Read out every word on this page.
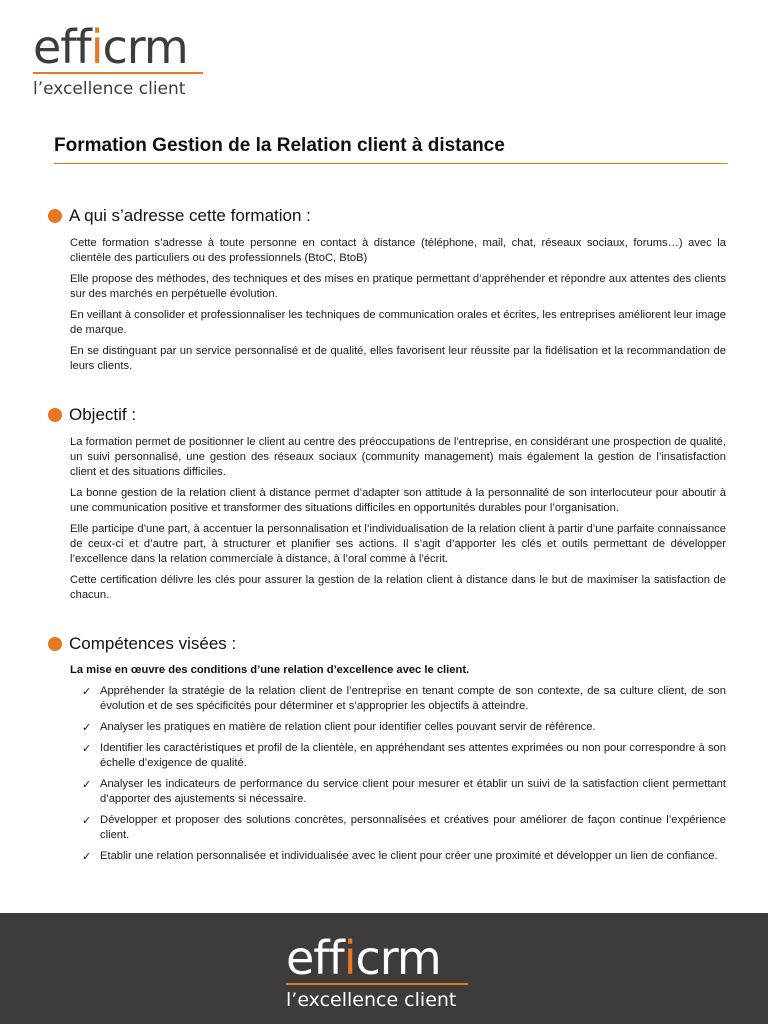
efficrm
l’excellence client
Formation Gestion de la Relation client à distance
A qui s’adresse cette formation :

Cette formation s’adresse à toute personne en contact à distance (téléphone, mail, chat, réseaux sociaux, forums…) avec la clientèle des particuliers ou des professionnels (BtoC, BtoB)

Elle propose des méthodes, des techniques et des mises en pratique permettant d’appréhender et répondre aux attentes des clients sur des marchés en perpétuelle évolution.

En veillant à consolider et professionnaliser les techniques de communication orales et écrites, les entreprises améliorent leur image de marque.

En se distinguant par un service personnalisé et de qualité, elles favorisent leur réussite par la fidélisation et la recommandation de leurs clients.

Objectif :

La formation permet de positionner le client au centre des préoccupations de l’entreprise, en considérant une prospection de qualité, un suivi personnalisé, une gestion des réseaux sociaux (community management) mais également la gestion de l’insatisfaction client et des situations difficiles.

La bonne gestion de la relation client à distance permet d’adapter son attitude à la personnalité de son interlocuteur pour aboutir à une communication positive et transformer des situations difficiles en opportunités durables pour l’organisation.

Elle participe d’une part, à accentuer la personnalisation et l’individualisation de la relation client à partir d’une parfaite connaissance de ceux-ci et d’autre part, à structurer et planifier ses actions. Il s’agit d’apporter les clés et outils permettant de développer l’excellence dans la relation commerciale à distance, à l’oral comme à l’écrit.

Cette certification délivre les clés pour assurer la gestion de la relation client à distance dans le but de maximiser la satisfaction de chacun.

Compétences visées :

La mise en œuvre des conditions d’une relation d’excellence avec le client.

✓ Appréhender la stratégie de la relation client de l’entreprise en tenant compte de son contexte, de sa culture client, de son évolution et de ses spécificités pour déterminer et s’approprier les objectifs à atteindre.
✓ Analyser les pratiques en matière de relation client pour identifier celles pouvant servir de référence.
✓ Identifier les caractéristiques et profil de la clientèle, en appréhendant ses attentes exprimées ou non pour correspondre à son échelle d’exigence de qualité.
✓ Analyser les indicateurs de performance du service client pour mesurer et établir un suivi de la satisfaction client permettant d’apporter des ajustements si nécessaire.
✓ Développer et proposer des solutions concrètes, personnalisées et créatives pour améliorer de façon continue l’expérience client.
✓ Etablir une relation personnalisée et individualisée avec le client pour créer une proximité et développer un lien de confiance.
efficrm
l’excellence client
